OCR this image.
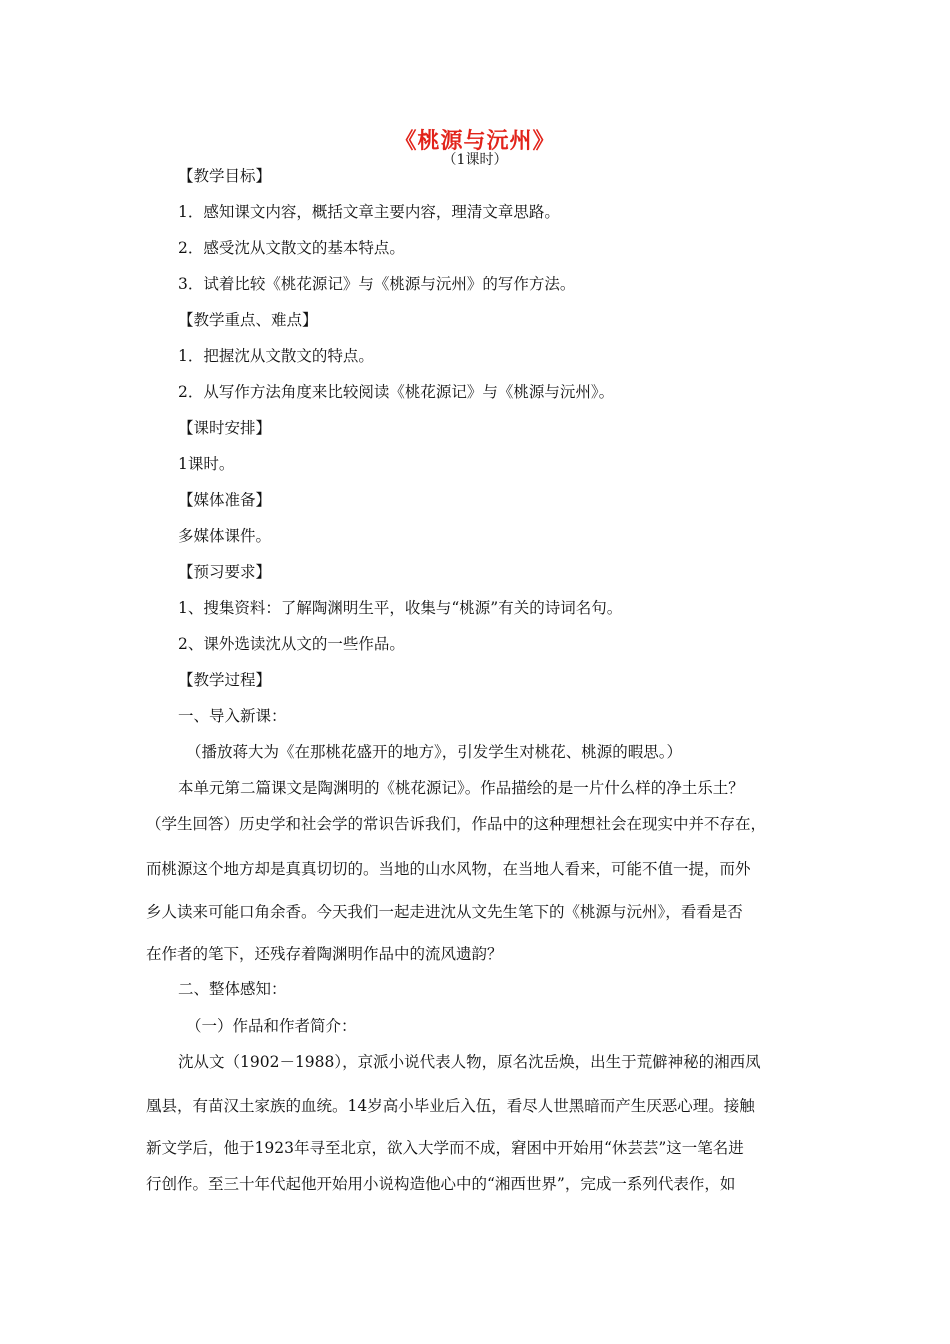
《桃源与沅州》
（1课时）
【教学目标】
1．感知课文内容，概括文章主要内容，理清文章思路。
2．感受沈从文散文的基本特点。
3．试着比较《桃花源记》与《桃源与沅州》的写作方法。
【教学重点、难点】
1．把握沈从文散文的特点。
2．从写作方法角度来比较阅读《桃花源记》与《桃源与沅州》。
【课时安排】
1课时。
【媒体准备】
多媒体课件。
【预习要求】
1、搜集资料：了解陶渊明生平，收集与“桃源”有关的诗词名句。
2、课外选读沈从文的一些作品。
【教学过程】
一、导入新课：
（播放蒋大为《在那桃花盛开的地方》，引发学生对桃花、桃源的暇思。）
本单元第二篇课文是陶渊明的《桃花源记》。作品描绘的是一片什么样的净土乐土？
（学生回答）历史学和社会学的常识告诉我们，作品中的这种理想社会在现实中并不存在，
而桃源这个地方却是真真切切的。当地的山水风物，在当地人看来，可能不值一提，而外
乡人读来可能口角余香。今天我们一起走进沈从文先生笔下的《桃源与沅州》，看看是否
在作者的笔下，还残存着陶渊明作品中的流风遗韵？
二、整体感知：
（一）作品和作者简介：
沈从文（1902－1988），京派小说代表人物，原名沈岳焕，出生于荒僻神秘的湘西凤
凰县，有苗汉土家族的血统。14岁高小毕业后入伍，看尽人世黑暗而产生厌恶心理。接触
新文学后，他于1923年寻至北京，欲入大学而不成，窘困中开始用“休芸芸”这一笔名进
行创作。至三十年代起他开始用小说构造他心中的“湘西世界”，完成一系列代表作，如
